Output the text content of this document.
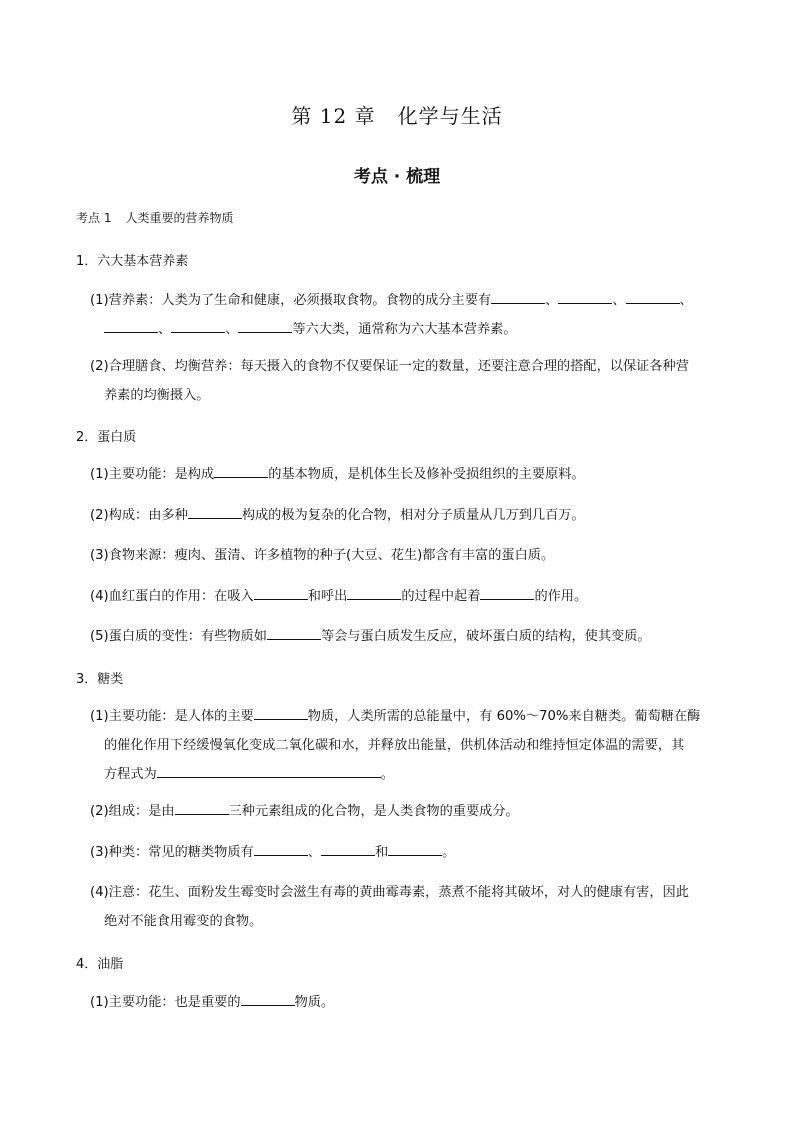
第 12 章 化学与生活
考点 · 梳理
考点 1 人类重要的营养物质
1．六大基本营养素
(1)营养素：人类为了生命和健康，必须摄取食物。食物的成分主要有	、	、	、
、	、	等六大类，通常称为六大基本营养素。
(2)合理膳食、均衡营养：每天摄入的食物不仅要保证一定的数量，还要注意合理的搭配，以保证各种营
养素的均衡摄入。
2．蛋白质
(1)主要功能：是构成	的基本物质，是机体生长及修补受损组织的主要原料。
(2)构成：由多种	构成的极为复杂的化合物，相对分子质量从几万到几百万。
(3)食物来源：瘦肉、蛋清、许多植物的种子(大豆、花生)都含有丰富的蛋白质。
(4)血红蛋白的作用：在吸入	和呼出	的过程中起着	的作用。
(5)蛋白质的变性：有些物质如	等会与蛋白质发生反应，破坏蛋白质的结构，使其变质。
3．糖类
(1)主要功能：是人体的主要	物质，人类所需的总能量中，有 60%～70%来自糖类。葡萄糖在酶
的催化作用下经缓慢氧化变成二氧化碳和水，并释放出能量，供机体活动和维持恒定体温的需要，其
方程式为	。
(2)组成：是由	三种元素组成的化合物，是人类食物的重要成分。
(3)种类：常见的糖类物质有	、	和	。
(4)注意：花生、面粉发生霉变时会滋生有毒的黄曲霉毒素，蒸煮不能将其破坏，对人的健康有害，因此
绝对不能食用霉变的食物。
4．油脂
(1)主要功能：也是重要的	物质。
